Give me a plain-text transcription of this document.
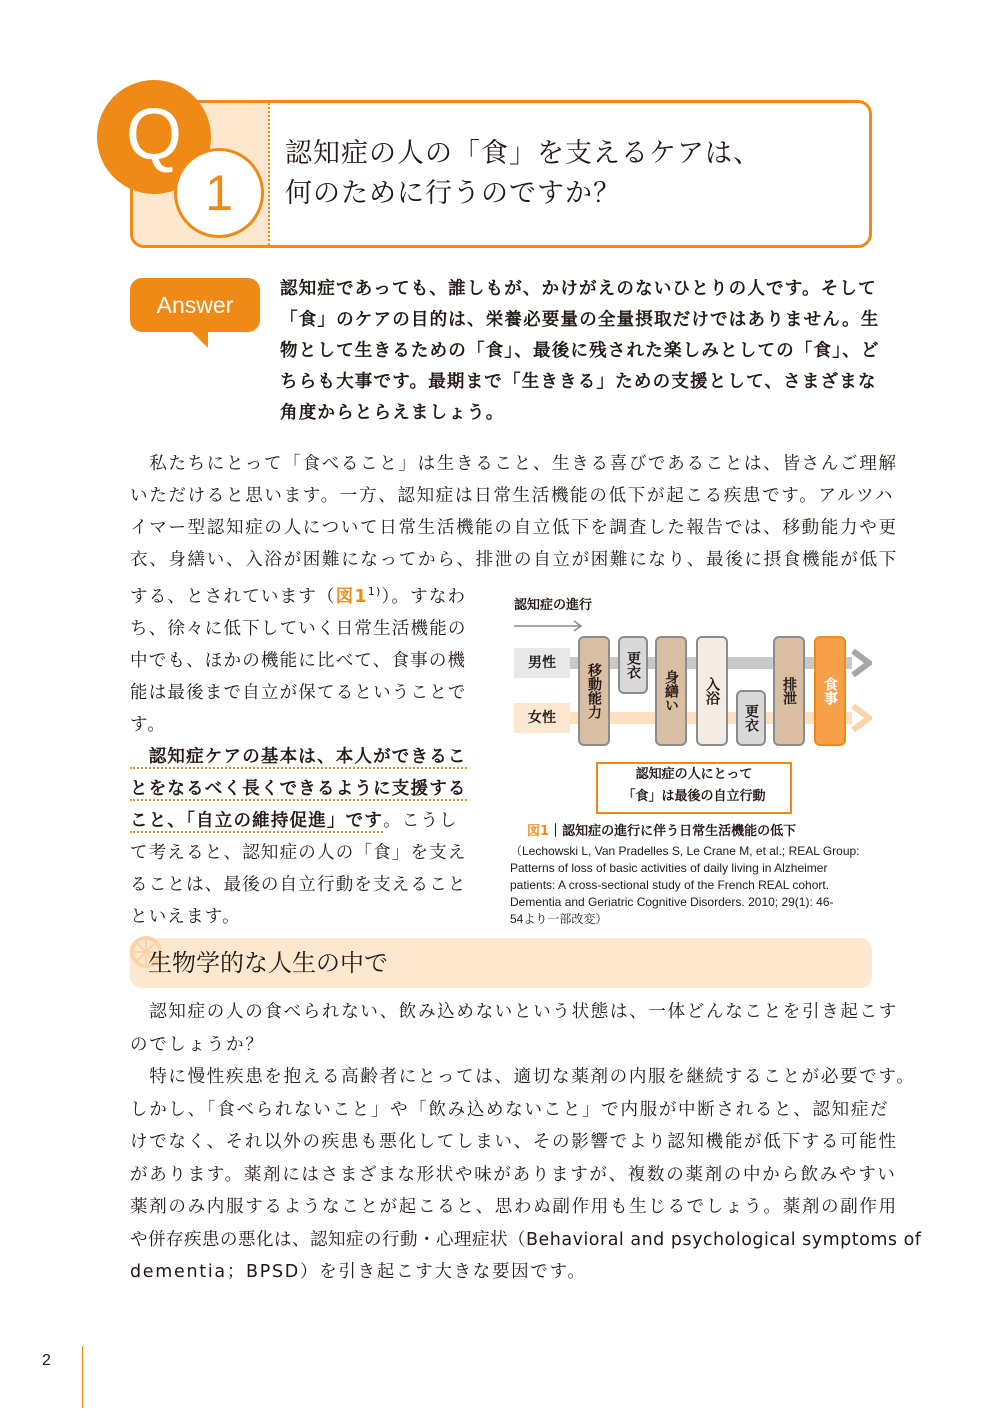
Q
1
認知症の人の「食」を支えるケアは、
何のために行うのですか？
Answer
認知症であっても、誰しもが、かけがえのないひとりの人です。そして
「食」のケアの目的は、栄養必要量の全量摂取だけではありません。生
物として生きるための「食」、最後に残された楽しみとしての「食」、ど
ちらも大事です。最期まで「生ききる」ための支援として、さまざまな
角度からとらえましょう。
　私たちにとって「食べること」は生きること、生きる喜びであることは、皆さんご理解
いただけると思います。一方、認知症は日常生活機能の低下が起こる疾患です。アルツハ
イマー型認知症の人について日常生活機能の自立低下を調査した報告では、移動能力や更
衣、身繕い、入浴が困難になってから、排泄の自立が困難になり、最後に摂食機能が低下
する、とされています（図1$^{1)}$）。すなわ
ち、徐々に低下していく日常生活機能の
中でも、ほかの機能に比べて、食事の機
能は最後まで自立が保てるということで
す。
　認知症ケアの基本は、本人ができるこ
とをなるべく長くできるように支援する
こと、「自立の維持促進」です。こうし
て考えると、認知症の人の「食」を支え
ることは、最後の自立行動を支えること
といえます。
認知症の進行
男性
女性	移動能力 更衣
身繕い 入浴
更衣
排泄 食事
認知症の人にとって
「食」は最後の自立行動
図1｜認知症の進行に伴う日常生活機能の低下
（Lechowski L, Van Pradelles S, Le Crane M, et al.; REAL Group:
Patterns of loss of basic activities of daily living in Alzheimer
patients: A cross-sectional study of the French REAL cohort.
Dementia and Geriatric Cognitive Disorders. 2010; 29(1): 46-
54より一部改変）
生物学的な人生の中で
　認知症の人の食べられない、飲み込めないという状態は、一体どんなことを引き起こす
のでしょうか？
　特に慢性疾患を抱える高齢者にとっては、適切な薬剤の内服を継続することが必要です。
しかし、「食べられないこと」や「飲み込めないこと」で内服が中断されると、認知症だ
けでなく、それ以外の疾患も悪化してしまい、その影響でより認知機能が低下する可能性
があります。薬剤にはさまざまな形状や味がありますが、複数の薬剤の中から飲みやすい
薬剤のみ内服するようなことが起こると、思わぬ副作用も生じるでしょう。薬剤の副作用
や併存疾患の悪化は、認知症の行動・心理症状（Behavioral and psychological symptoms of
dementia；BPSD）を引き起こす大きな要因です。
2
